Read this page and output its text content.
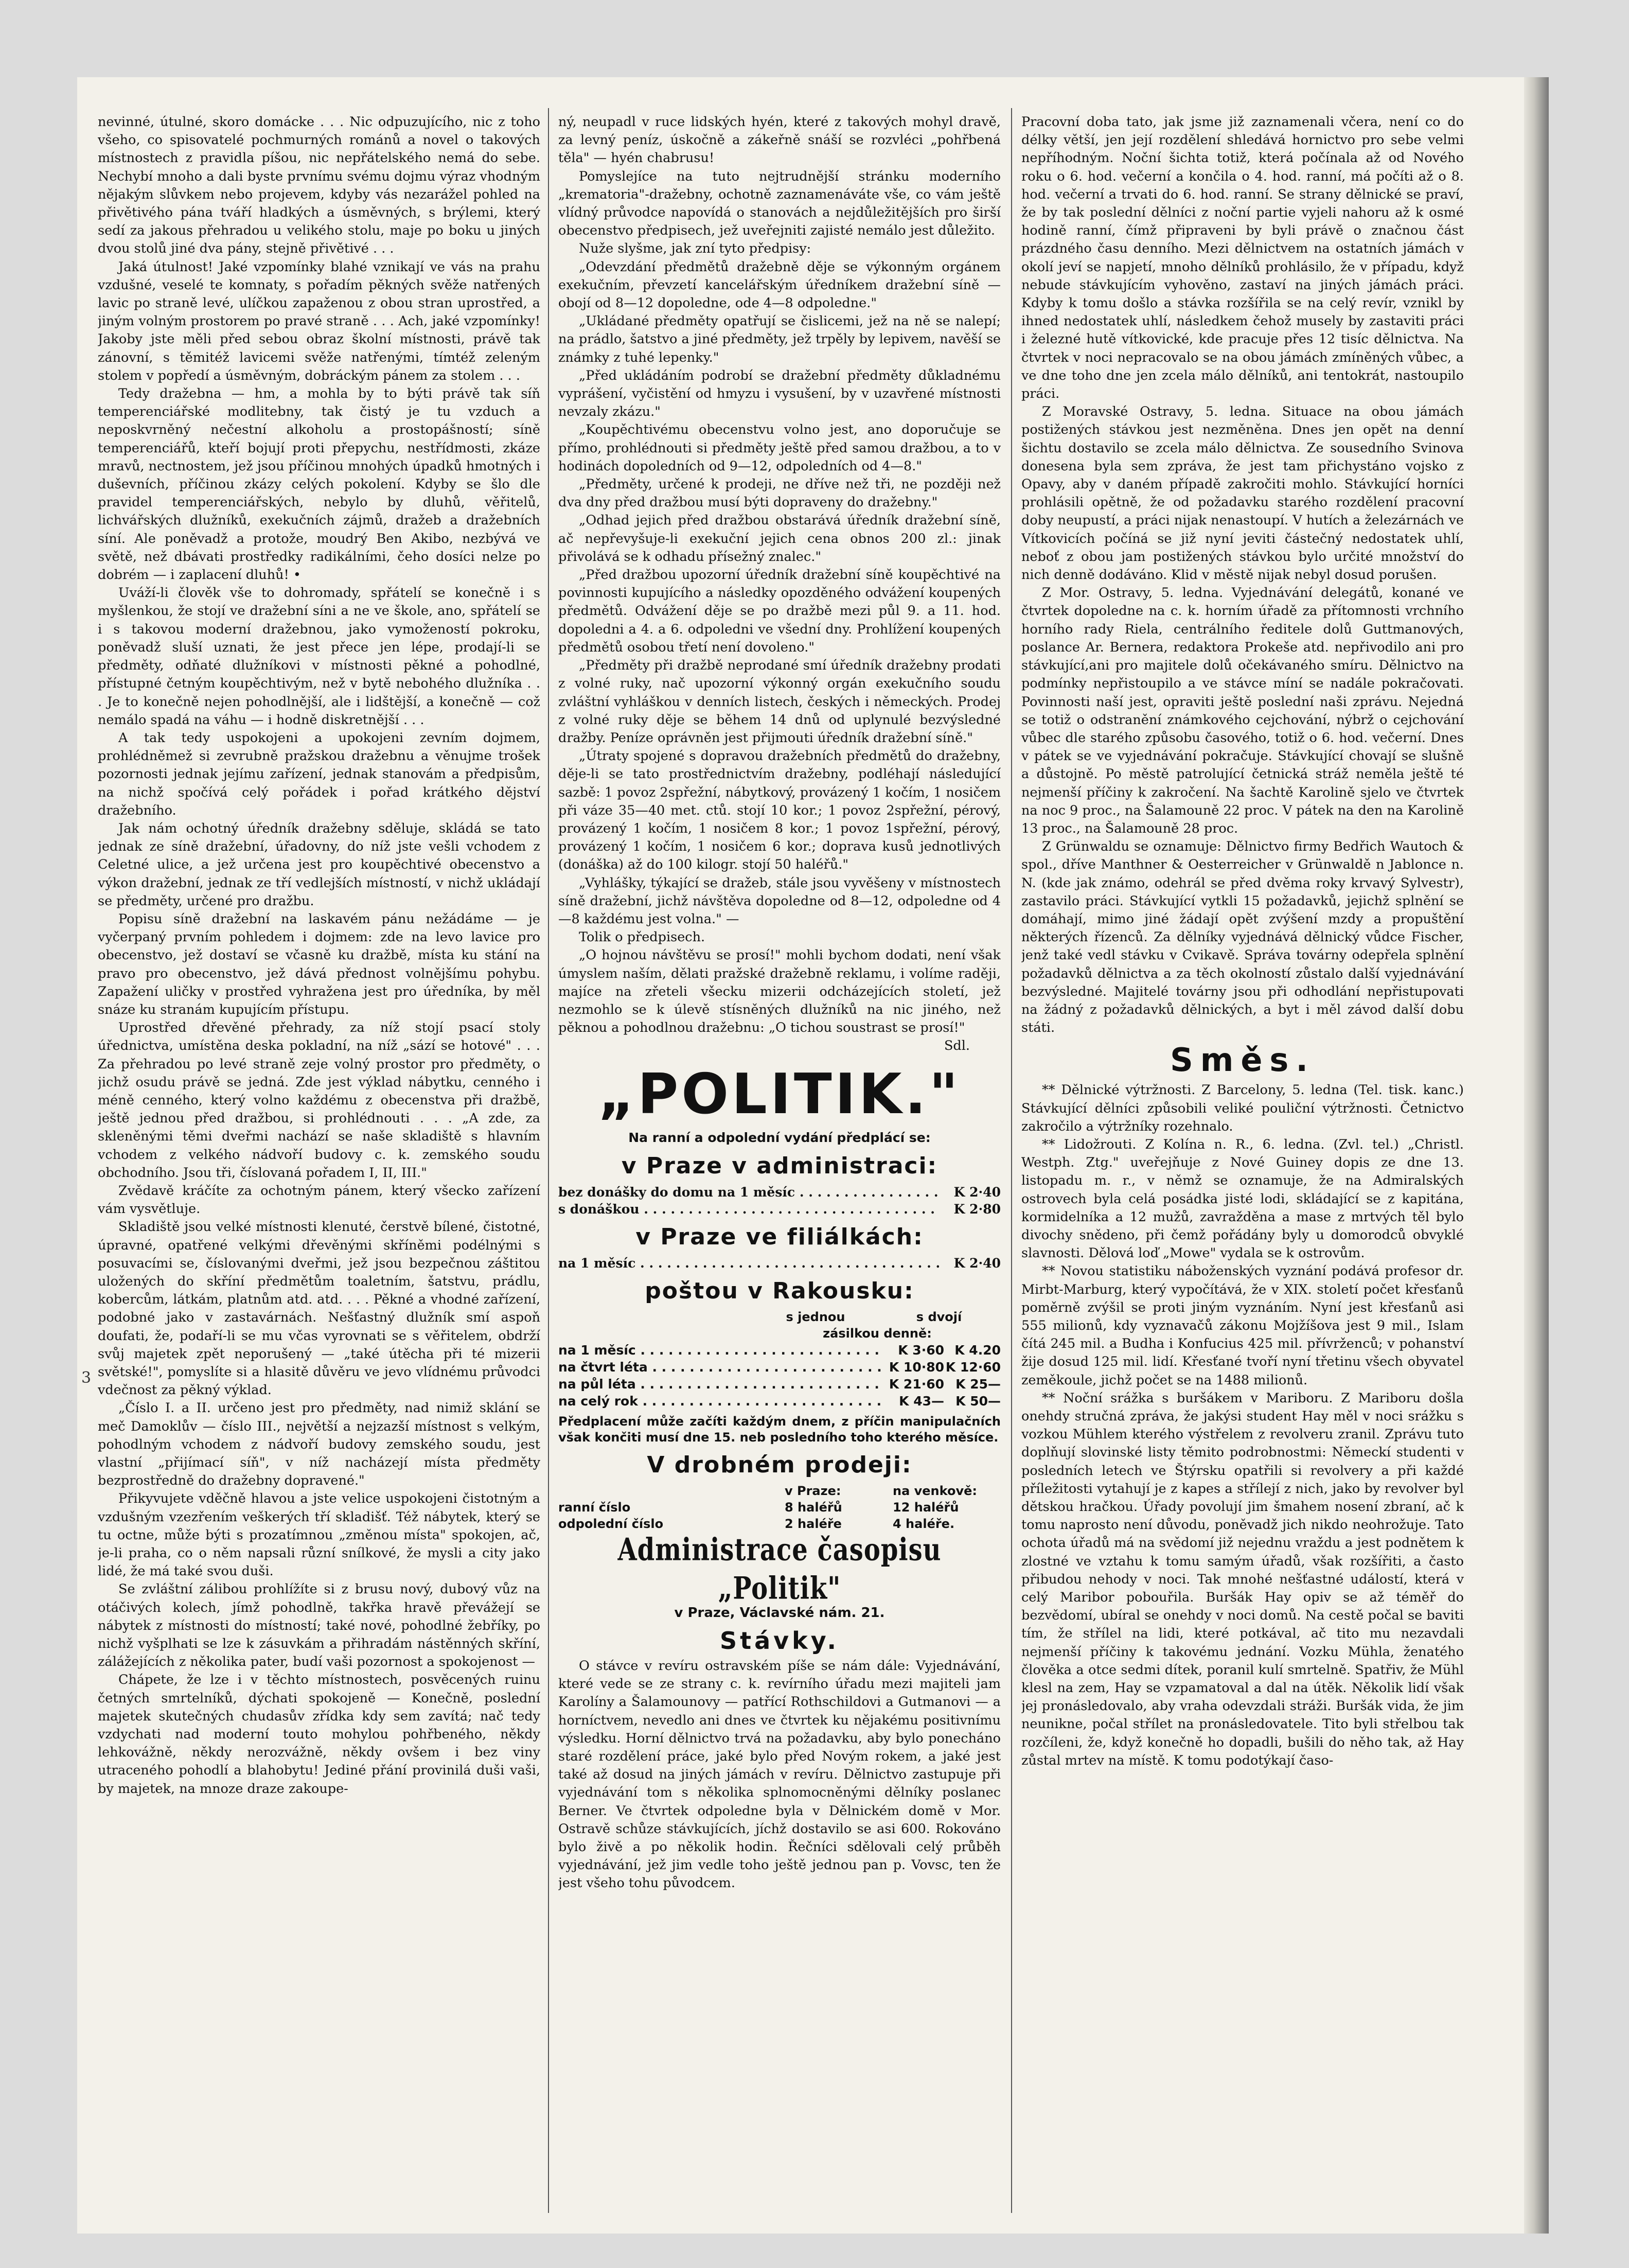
3

nevinné, útulné, skoro domácke . . . Nic odpuzujícího, nic z toho všeho, co spisovatelé pochmurných románů a novel o takových místnostech z pravidla píšou, nic nepřátelského nemá do sebe. Nechybí mnoho a dali byste prvnímu svému dojmu výraz vhodným nějakým slůvkem nebo projevem, kdyby vás nezarážel pohled na přivětivého pána tváří hladkých a úsměvných, s brýlemi, který sedí za jakous přehradou u velikého stolu, maje po boku u jiných dvou stolů jiné dva pány, stejně přivětivé . . .

Jaká útulnost! Jaké vzpomínky blahé vznikají ve vás na prahu vzdušné, veselé te komnaty, s pořadím pěkných svěže natřených lavic po straně levé, ulíčkou zapaženou z obou stran uprostřed, a jiným volným prostorem po pravé straně . . . Ach, jaké vzpomínky! Jakoby jste měli před sebou obraz školní místnosti, právě tak zánovní, s těmitéž lavicemi svěže natřenými, tímtéž zeleným stolem v popředí a úsměvným, dobráckým pánem za stolem . . .

Tedy dražebna — hm, a mohla by to býti právě tak síň temperenciářské modlitebny, tak čistý je tu vzduch a neposkvrněný nečestní alkoholu a prostopášností; síně temperenciářů, kteří bojují proti přepychu, nestřídmosti, zkáze mravů, nectnostem, jež jsou příčinou mnohých úpadků hmotných i duševních, příčinou zkázy celých pokolení. Kdyby se šlo dle pravidel temperenciářských, nebylo by dluhů, věřitelů, lichvářských dlužníků, exekučních zájmů, dražeb a dražebních síní. Ale poněvadž a protože, moudrý Ben Akibo, nezbývá ve světě, než dbávati prostředky radikálními, čeho dosíci nelze po dobrém — i zaplacení dluhů! •

Uváží-li člověk vše to dohromady, spřátelí se konečně i s myšlenkou, že stojí ve dražební síni a ne ve škole, ano, spřátelí se i s takovou moderní dražebnou, jako vymožeností pokroku, poněvadž sluší uznati, že jest přece jen lépe, prodají-li se předměty, odňaté dlužníkovi v místnosti pěkné a pohodlné, přístupné četným koupěchtivým, než v bytě nebohého dlužníka . . . Je to konečně nejen pohodlnější, ale i lidštější, a konečně — což nemálo spadá na váhu — i hodně diskretnější . . .

A tak tedy uspokojeni a upokojeni zevním dojmem, prohlédněmež si zevrubně pražskou dražebnu a věnujme trošek pozornosti jednak jejímu zařízení, jednak stanovám a předpisům, na nichž spočívá celý pořádek i pořad krátkého dějství dražebního.

Jak nám ochotný úředník dražebny sděluje, skládá se tato jednak ze síně dražební, úřadovny, do níž jste vešli vchodem z Celetné ulice, a jež určena jest pro koupěchtivé obecenstvo a výkon dražební, jednak ze tří vedlejších místností, v nichž ukládají se předměty, určené pro dražbu.

Popisu síně dražební na laskavém pánu nežádáme — je vyčerpaný prvním pohledem i dojmem: zde na levo lavice pro obecenstvo, jež dostaví se včasně ku dražbě, místa ku stání na pravo pro obecenstvo, jež dává přednost volnějšímu pohybu. Zapažení uličky v prostřed vyhražena jest pro úředníka, by měl snáze ku stranám kupujícím přístupu.

Uprostřed dřevěné přehrady, za níž stojí psací stoly úřednictva, umístěna deska pokladní, na níž „sází se hotové" . . . Za přehradou po levé straně zeje volný prostor pro předměty, o jichž osudu právě se jedná. Zde jest výklad nábytku, cenného i méně cenného, který volno každému z obecenstva při dražbě, ještě jednou před dražbou, si prohlédnouti . . . „A zde, za skleněnými těmi dveřmi nachází se naše skladiště s hlavním vchodem z velkého nádvoří budovy c. k. zemského soudu obchodního. Jsou tři, číslovaná pořadem I, II, III."

Zvědavě kráčíte za ochotným pánem, který všecko zařízení vám vysvětluje.

Skladiště jsou velké místnosti klenuté, čerstvě bílené, čistotné, úpravné, opatřené velkými dřevěnými skříněmi podélnými s posuvacími se, číslovanými dveřmi, jež jsou bezpečnou záštitou uložených do skříní předmětům toaletním, šatstvu, prádlu, kobercům, látkám, platnům atd. atd. . . . Pěkné a vhodné zařízení, podobné jako v zastavárnách. Nešťastný dlužník smí aspoň doufati, že, podaří-li se mu včas vyrovnati se s věřitelem, obdrží svůj majetek zpět neporušený — „také útěcha při té mizerii světské!", pomyslíte si a hlasitě důvěru ve jevo vlídnému průvodci vdečnost za pěkný výklad.

„Číslo I. a II. určeno jest pro předměty, nad nimiž sklání se meč Damoklův — číslo III., největší a nejzazší místnost s velkým, pohodlným vchodem z nádvoří budovy zemského soudu, jest vlastní „přijímací síň", v níž nacházejí místa předměty bezprostředně do dražebny dopravené."

Přikyvujete vděčně hlavou a jste velice uspokojeni čistotným a vzdušným vzezřením veškerých tří skladišť. Též nábytek, který se tu octne, může býti s prozatímnou „změnou místa" spokojen, ač, je-li praha, co o něm napsali různí snílkové, že mysli a city jako lidé, že má také svou duši.

Se zvláštní zálibou prohlížíte si z brusu nový, dubový vůz na otáčivých kolech, jímž pohodlně, takřka hravě převážejí se nábytek z místnosti do místností; také nové, pohodlné žebříky, po nichž vyšplhati se lze k zásuvkám a přihradám nástěnných skříní, zálážejících z několika pater, budí vaši pozornost a spokojenost —

Chápete, že lze i v těchto místnostech, posvěcených ruinu četných smrtelníků, dýchati spokojeně — Konečně, poslední majetek skutečných chudasův zřídka kdy sem zavítá; nač tedy vzdychati nad moderní touto mohylou pohřbeného, někdy lehkovážně, někdy nerozvážně, někdy ovšem i bez viny utraceného pohodlí a blahobytu! Jediné přání provinilá duši vaši, by majetek, na mnoze draze zakoupe-

ný, neupadl v ruce lidských hyén, které z takových mohyl dravě, za levný peníz, úskočně a zákeřně snáší se rozvléci „pohřbená těla" — hyén chabrusu!

Pomyslejíce na tuto nejtrudnější stránku moderního „krematoria"-dražebny, ochotně zaznamenáváte vše, co vám ještě vlídný průvodce napovídá o stanovách a nejdůležitějších pro širší obecenstvo předpisech, jež uveřejniti zajisté nemálo jest důležito.

Nuže slyšme, jak zní tyto předpisy:

„Odevzdání předmětů dražebně děje se výkonným orgánem exekučním, převzetí kancelářským úředníkem dražební síně — obojí od 8—12 dopoledne, ode 4—8 odpoledne."

„Ukládané předměty opatřují se čislicemi, jež na ně se nalepí; na prádlo, šatstvo a jiné předměty, jež trpěly by lepivem, navěší se známky z tuhé lepenky."

„Před ukládáním podrobí se dražební předměty důkladnému vyprášení, vyčistění od hmyzu i vysušení, by v uzavřené místnosti nevzaly zkázu."

„Koupěchtivému obecenstvu volno jest, ano doporučuje se přímo, prohlédnouti si předměty ještě před samou dražbou, a to v hodinách dopoledních od 9—12, odpoledních od 4—8."

„Předměty, určené k prodeji, ne dříve než tři, ne později než dva dny před dražbou musí býti dopraveny do dražebny."

„Odhad jejich před dražbou obstarává úředník dražební síně, ač nepřevyšuje-li exekuční jejich cena obnos 200 zl.: jinak přivolává se k odhadu přísežný znalec."

„Před dražbou upozorní úředník dražební síně koupěchtivé na povinnosti kupujícího a následky opozděného odvážení koupených předmětů. Odvážení děje se po dražbě mezi půl 9. a 11. hod. dopoledni a 4. a 6. odpoledni ve všední dny. Prohlížení koupených předmětů osobou třetí není dovoleno."

„Předměty při dražbě neprodané smí úředník dražebny prodati z volné ruky, nač upozorní výkonný orgán exekučního soudu zvláštní vyhláškou v denních listech, českých i německých. Prodej z volné ruky děje se během 14 dnů od uplynulé bezvýsledné dražby. Peníze oprávněn jest přijmouti úředník dražební síně."

„Útraty spojené s dopravou dražebních předmětů do dražebny, děje-li se tato prostřednictvím dražebny, podléhají následující sazbě: 1 povoz 2spřežní, nábytkový, provázený 1 kočím, 1 nosičem při váze 35—40 met. ctů. stojí 10 kor.; 1 povoz 2spřežní, pérový, provázený 1 kočím, 1 nosičem 8 kor.; 1 povoz 1spřežní, pérový, provázený 1 kočím, 1 nosičem 6 kor.; doprava kusů jednotlivých (donáška) až do 100 kilogr. stojí 50 haléřů."

„Vyhlášky, týkající se dražeb, stále jsou vyvěšeny v místnostech síně dražební, jichž návštěva dopoledne od 8—12, odpoledne od 4—8 každému jest volna." —

Tolik o předpisech.

„O hojnou návštěvu se prosí!" mohli bychom dodati, není však úmyslem naším, dělati pražské dražebně reklamu, i volíme raději, majíce na zřeteli všecku mizerii odcházejících století, jež nezmohlo se k úlevě stísněných dlužníků na nic jiného, než pěknou a pohodlnou dražebnu: „O tichou soustrast se prosí!"

Sdl.

„POLITIK."
Na ranní a odpolední vydání předplácí se:
v Praze v administraci:
bez donášky do domu na 1 měsíc . . .	K 2·40
s donáškou . . .	K 2·80
v Praze ve filiálkách:
na 1 měsíc . . .	K 2·40
poštou v Rakousku:
s jednou	s dvojí
zásilkou denně:
na 1 měsíc . . .	K 3·60 K 4.20
na čtvrt léta . . .	K 10·80 K 12·60
na půl léta . . .	K 21·60 K 25—
na celý rok . . .	K 43— K 50—
Předplacení může začíti každým dnem, z příčin manipulačních však končiti musí dne 15. neb posledního toho kterého měsíce.
V drobném prodeji:
v Praze:	na venkově:
ranní číslo	8 haléřů	12 haléřů
odpolední číslo	2 haléře	4 haléře.
Administrace časopisu „Politik"
v Praze, Václavské nám. 21.
Stávky.

O stávce v revíru ostravském píše se nám dále: Vyjednávání, které vede se ze strany c. k. revírního úřadu mezi majiteli jam Karolíny a Šalamounovy — patřící Rothschildovi a Gutmanovi — a horníctvem, nevedlo ani dnes ve čtvrtek ku nějakému positivnímu výsledku. Horní dělnictvo trvá na požadavku, aby bylo ponecháno staré rozdělení práce, jaké bylo před Novým rokem, a jaké jest také až dosud na jiných jámách v revíru. Dělnictvo zastupuje při vyjednávání tom s několika splnomocněnými dělníky poslanec Berner. Ve čtvrtek odpoledne byla v Dělnickém domě v Mor. Ostravě schůze stávkujících, jíchž dostavilo se asi 600. Rokováno bylo živě a po několik hodin. Řečníci sdělovali celý průběh vyjednávání, jež jim vedle toho ještě jednou pan p. Vovsc, ten že jest všeho tohu původcem.

Pracovní doba tato, jak jsme již zaznamenali včera, není co do délky větší, jen její rozdělení shledává hornictvo pro sebe velmi nepříhodným. Noční šichta totiž, která počínala až od Nového roku o 6. hod. večerní a končila o 4. hod. ranní, má počíti až o 8. hod. večerní a trvati do 6. hod. ranní. Se strany dělnické se praví, že by tak poslední dělníci z noční partie vyjeli nahoru až k osmé hodině ranní, čímž připraveni by byli právě o značnou část prázdného času denního. Mezi dělnictvem na ostatních jámách v okolí jeví se napjetí, mnoho dělníků prohlásilo, že v případu, když nebude stávkujícím vyhověno, zastaví na jiných jámách práci. Kdyby k tomu došlo a stávka rozšířila se na celý revír, vznikl by ihned nedostatek uhlí, následkem čehož musely by zastaviti práci i železné hutě vítkovické, kde pracuje přes 12 tisíc dělnictva. Na čtvrtek v noci nepracovalo se na obou jámách zmíněných vůbec, a ve dne toho dne jen zcela málo dělníků, ani tentokrát, nastoupilo práci.

Z Moravské Ostravy, 5. ledna. Situace na obou jámách postižených stávkou jest nezměněna. Dnes jen opět na denní šichtu dostavilo se zcela málo dělnictva. Ze sousedního Svinova donesena byla sem zpráva, že jest tam přichystáno vojsko z Opavy, aby v daném případě zakročiti mohlo. Stávkující horníci prohlásili opětně, že od požadavku starého rozdělení pracovní doby neupustí, a práci nijak nenastoupí. V hutích a železárnách ve Vítkovicích počíná se již nyní jeviti částečný nedostatek uhlí, neboť z obou jam postižených stávkou bylo určité množství do nich denně dodáváno. Klid v městě nijak nebyl dosud porušen.

Z Mor. Ostravy, 5. ledna. Vyjednávání delegátů, konané ve čtvrtek dopoledne na c. k. horním úřadě za přítomnosti vrchního horního rady Riela, centrálního ředitele dolů Guttmanových, poslance Ar. Bernera, redaktora Prokeše atd. nepřivodilo ani pro stávkující,ani pro majitele dolů očekávaného smíru. Dělnictvo na podmínky nepřistoupilo a ve stávce míní se nadále pokračovati. Povinnosti naší jest, opraviti ještě poslední naši zprávu. Nejedná se totiž o odstranění známkového cejchování, nýbrž o cejchování vůbec dle starého způsobu časového, totiž o 6. hod. večerní. Dnes v pátek se ve vyjednávání pokračuje. Stávkující chovají se slušně a důstojně. Po městě patrolující četnická stráž neměla ještě té nejmenší příčiny k zakročení. Na šachtě Karolině sjelo ve čtvrtek na noc 9 proc., na Šalamouně 22 proc. V pátek na den na Karolině 13 proc., na Šalamouně 28 proc.

Z Grünwaldu se oznamuje: Dělnictvo firmy Bedřich Wautoch & spol., dříve Manthner & Oesterreicher v Grünwaldě n Jablonce n. N. (kde jak známo, odehrál se před dvěma roky krvavý Sylvestr), zastavilo práci. Stávkující vytkli 15 požadavků, jejichž splnění se domáhají, mimo jiné žádají opět zvýšení mzdy a propuštění některých řízenců. Za dělníky vyjednává dělnický vůdce Fischer, jenž také vedl stávku v Cvikavě. Správa továrny odepřela splnění požadavků dělnictva a za těch okolností zůstalo další vyjednávání bezvýsledné. Majitelé továrny jsou při odhodlání nepřistupovati na žádný z požadavků dělnických, a byt i měl závod další dobu státi.

Směs.

** Dělnické výtržnosti. Z Barcelony, 5. ledna (Tel. tisk. kanc.) Stávkující dělníci způsobili veliké pouliční výtržnosti. Četnictvo zakročilo a výtržníky rozehnalo.

** Lidožrouti. Z Kolína n. R., 6. ledna. (Zvl. tel.) „Christl. Westph. Ztg." uveřejňuje z Nové Guiney dopis ze dne 13. listopadu m. r., v němž se oznamuje, že na Admiralských ostrovech byla celá posádka jisté lodi, skládající se z kapitána, kormidelníka a 12 mužů, zavražděna a mase z mrtvých těl bylo divochy snědeno, při čemž pořádány byly u domorodců obvyklé slavnosti. Dělová loď „Mowe" vydala se k ostrovům.

** Novou statistiku náboženských vyznání podává profesor dr. Mirbt-Marburg, který vypočítává, že v XIX. století počet křesťanů poměrně zvýšil se proti jiným vyznáním. Nyní jest křesťanů asi 555 milionů, kdy vyznavačů zákonu Mojžíšova jest 9 mil., Islam čítá 245 mil. a Budha i Konfucius 425 mil. přívrženců; v pohanství žije dosud 125 mil. lidí. Křesťané tvoří nyní třetinu všech obyvatel zeměkoule, jichž počet se na 1488 milionů.

** Noční srážka s buršákem v Mariboru. Z Mariboru došla onehdy stručná zpráva, že jakýsi student Hay měl v noci srážku s vozkou Mühlem kterého výstřelem z revolveru zranil. Zprávu tuto doplňují slovinské listy těmito podrobnostmi: Německí studenti v posledních letech ve Štýrsku opatřili si revolvery a při každé příležitosti vytahují je z kapes a střílejí z nich, jako by revolver byl dětskou hračkou. Úřady povolují jim šmahem nosení zbraní, ač k tomu naprosto není důvodu, poněvadž jich nikdo neohrožuje. Tato ochota úřadů má na svědomí již nejednu vraždu a jest podnětem k zlostné ve vztahu k tomu samým úřadů, však rozšířiti, a často přibudou nehody v noci. Tak mnohé nešťastné událostí, která v celý Maribor pobouřila. Buršák Hay opiv se až téměř do bezvědomí, ubíral se onehdy v noci domů. Na cestě počal se baviti tím, že střílel na lidi, které potkával, ač tito mu nezavdali nejmenší příčiny k takovému jednání. Vozku Mühla, ženatého člověka a otce sedmi dítek, poranil kulí smrtelně. Spatřiv, že Mühl klesl na zem, Hay se vzpamatoval a dal na útěk. Několik lidí však jej pronásledovalo, aby vraha odevzdali stráži. Buršák vida, že jim neunikne, počal střílet na pronásledovatele. Tito byli střelbou tak rozčíleni, že, když konečně ho dopadli, bušili do něho tak, až Hay zůstal mrtev na místě. K tomu podotýkají časo-
